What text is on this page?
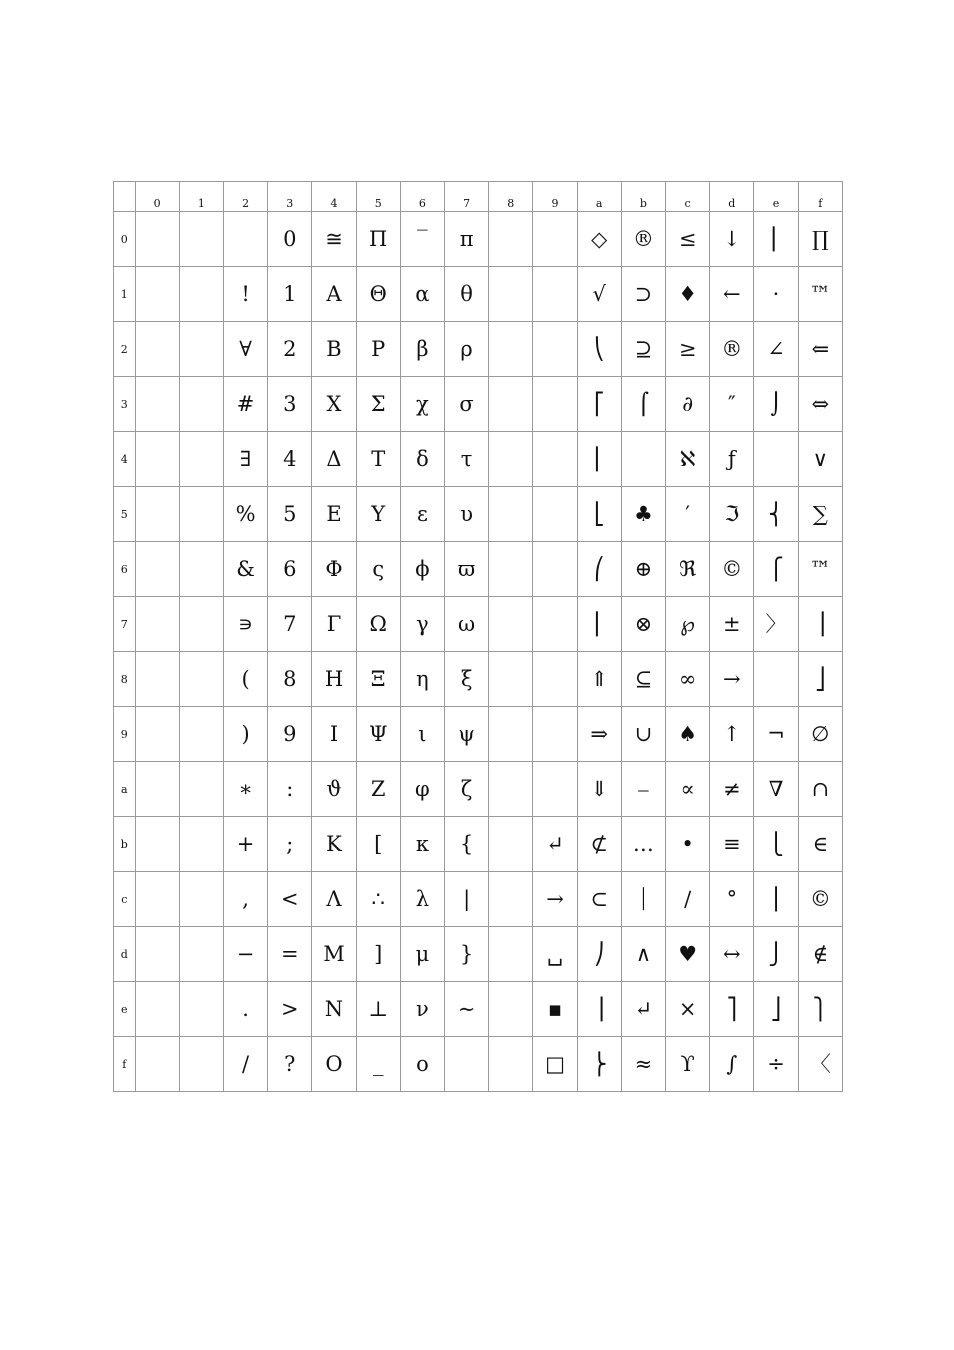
	0	1	2	3	4	5	6	7	8	9	a	b	c	d	e	f
0				0	≅	Π	‾	π			◇	®	≤	↓	⎜	∏
1			!	1	Α	Θ	α	θ			√	⊃	♦	←	⋅	™
2			∀	2	Β	Ρ	β	ρ			⎝	⊇	≥	®	∠	⇐
3			#	3	Χ	Σ	χ	σ			⎡	⌠	∂	″	⌡	⇔
4			∃	4	Δ	Τ	δ	τ			⎢		ℵ	ƒ		∨
5			%	5	Ε	Υ	ε	υ			⎣	♣	′	ℑ	⎨	∑
6			&	6	Φ	ς	ϕ	ϖ			⎛	⊕	ℜ	©	⎧	™
7			∍	7	Γ	Ω	γ	ω			⎜	⊗	℘	±	〉	⎟
8			(	8	Η	Ξ	η	ξ			⇑	⊆	∞	→		⎦
9			)	9	Ι	Ψ	ι	ψ			⇒	∪	♠	↑	¬	∅
a			∗	:	ϑ	Ζ	φ	ζ			⇓	⎯	∝	≠	∇	∩
b			+	;	Κ	[	κ	{		↵	⊄	…	•	≡	⎩	∈
c			,	<	Λ	∴	λ	|		→	⊂	⏐	∕	°	⎪	©
d			−	=	Μ	]	μ	}		␣	⎠	∧	♥	↔	⎭	∉
e			.	>	Ν	⊥	ν	∼		▪	⎥	↵	×	⎤	⎦	⎫
f			/	?	Ο	_	ο			□	⎬	≈	ϒ	∫	÷	〈
